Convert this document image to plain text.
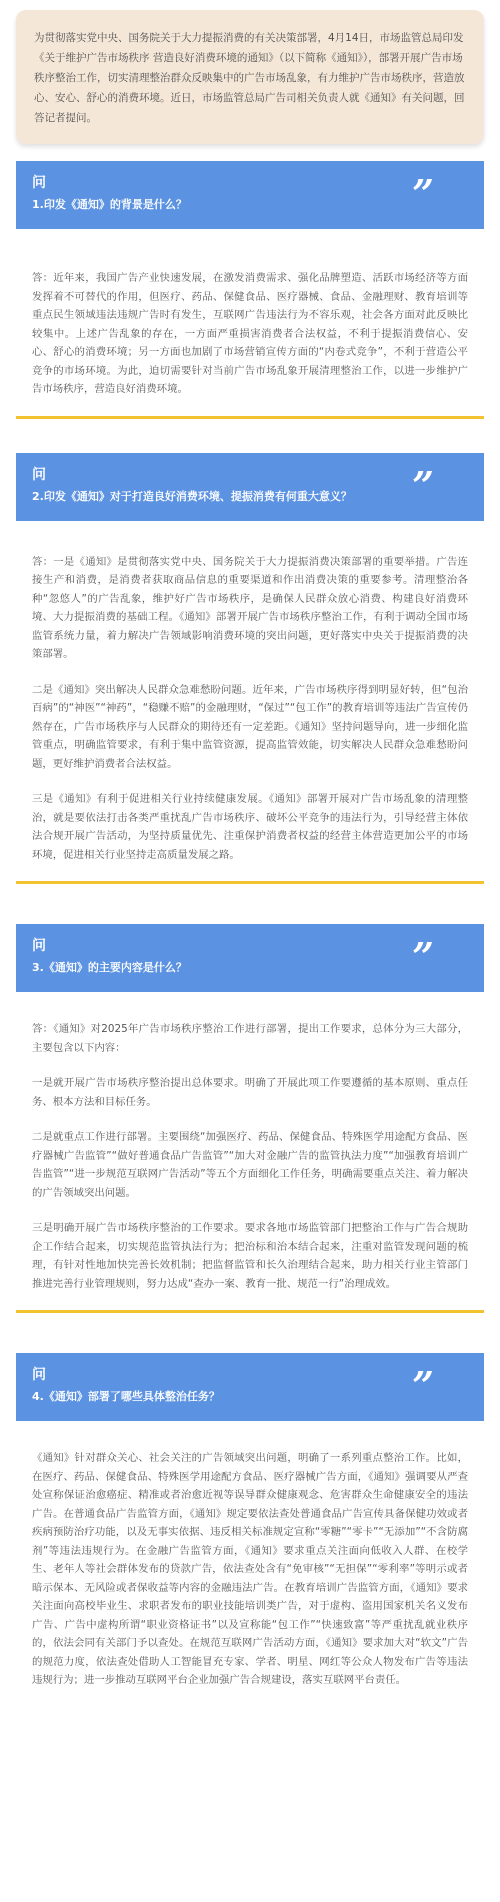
为贯彻落实党中央、国务院关于大力提振消费的有关决策部署，4月14日，市场监管总局印发《关于维护广告市场秩序 营造良好消费环境的通知》（以下简称《通知》），部署开展广告市场秩序整治工作，切实清理整治群众反映集中的广告市场乱象，有力维护广告市场秩序，营造放心、安心、舒心的消费环境。近日，市场监管总局广告司相关负责人就《通知》有关问题，回答记者提问。
问
1.印发《通知》的背景是什么？	”

答：近年来，我国广告产业快速发展，在激发消费需求、强化品牌塑造、活跃市场经济等方面发挥着不可替代的作用，但医疗、药品、保健食品、医疗器械、食品、金融理财、教育培训等重点民生领域违法违规广告时有发生，互联网广告违法行为不容乐观，社会各方面对此反映比较集中。上述广告乱象的存在，一方面严重损害消费者合法权益，不利于提振消费信心、安心、舒心的消费环境；另一方面也加剧了市场营销宣传方面的“内卷式竞争”，不利于营造公平竞争的市场环境。为此，迫切需要针对当前广告市场乱象开展清理整治工作，以进一步维护广告市场秩序，营造良好消费环境。

问
2.印发《通知》对于打造良好消费环境、提振消费有何重大意义？	”

答：一是《通知》是贯彻落实党中央、国务院关于大力提振消费决策部署的重要举措。广告连接生产和消费，是消费者获取商品信息的重要渠道和作出消费决策的重要参考。清理整治各种“忽悠人”的广告乱象，维护好广告市场秩序，是确保人民群众放心消费、构建良好消费环境、大力提振消费的基础工程。《通知》部署开展广告市场秩序整治工作，有利于调动全国市场监管系统力量，着力解决广告领域影响消费环境的突出问题，更好落实中央关于提振消费的决策部署。

二是《通知》突出解决人民群众急难愁盼问题。近年来，广告市场秩序得到明显好转，但“包治百病”的“神医”“神药”，“稳赚不赔”的金融理财，“保过”“包工作”的教育培训等违法广告宣传仍然存在，广告市场秩序与人民群众的期待还有一定差距。《通知》坚持问题导向，进一步细化监管重点，明确监管要求，有利于集中监管资源，提高监管效能，切实解决人民群众急难愁盼问题，更好维护消费者合法权益。

三是《通知》有利于促进相关行业持续健康发展。《通知》部署开展对广告市场乱象的清理整治，就是要依法打击各类严重扰乱广告市场秩序、破坏公平竞争的违法行为，引导经营主体依法合规开展广告活动，为坚持质量优先、注重保护消费者权益的经营主体营造更加公平的市场环境，促进相关行业坚持走高质量发展之路。

问
3.《通知》的主要内容是什么？	”

答：《通知》对2025年广告市场秩序整治工作进行部署，提出工作要求，总体分为三大部分，主要包含以下内容：

一是就开展广告市场秩序整治提出总体要求。明确了开展此项工作要遵循的基本原则、重点任务、根本方法和目标任务。

二是就重点工作进行部署。主要围绕“加强医疗、药品、保健食品、特殊医学用途配方食品、医疗器械广告监管”“做好普通食品广告监管”“加大对金融广告的监管执法力度”“加强教育培训广告监管”“进一步规范互联网广告活动”等五个方面细化工作任务，明确需要重点关注、着力解决的广告领域突出问题。

三是明确开展广告市场秩序整治的工作要求。要求各地市场监管部门把整治工作与广告合规助企工作结合起来，切实规范监管执法行为；把治标和治本结合起来，注重对监管发现问题的梳理，有针对性地加快完善长效机制；把监督监管和长久治理结合起来，助力相关行业主管部门推进完善行业管理规则，努力达成“查办一案、教育一批、规范一行”治理成效。

问
4.《通知》部署了哪些具体整治任务？	”

《通知》针对群众关心、社会关注的广告领域突出问题，明确了一系列重点整治工作。比如，在医疗、药品、保健食品、特殊医学用途配方食品、医疗器械广告方面，《通知》强调要从严查处宣称保证治愈癌症、精准或者治愈近视等误导群众健康观念、危害群众生命健康安全的违法广告。在普通食品广告监管方面，《通知》规定要依法查处普通食品广告宣传具备保健功效或者疾病预防治疗功能，以及无事实依据、违反相关标准规定宣称“零糖”“零卡”“无添加”“不含防腐剂”等违法违规行为。在金融广告监管方面，《通知》要求重点关注面向低收入人群、在校学生、老年人等社会群体发布的贷款广告，依法查处含有“免审核”“无担保”“零利率”等明示或者暗示保本、无风险或者保收益等内容的金融违法广告。在教育培训广告监管方面，《通知》要求关注面向高校毕业生、求职者发布的职业技能培训类广告，对于虚构、盗用国家机关名义发布广告、广告中虚构所谓“职业资格证书”以及宣称能“包工作”“快速致富”等严重扰乱就业秩序的，依法会同有关部门予以查处。在规范互联网广告活动方面，《通知》要求加大对“软文”广告的规范力度，依法查处借助人工智能冒充专家、学者、明星、网红等公众人物发布广告等违法违规行为；进一步推动互联网平台企业加强广告合规建设，落实互联网平台责任。
